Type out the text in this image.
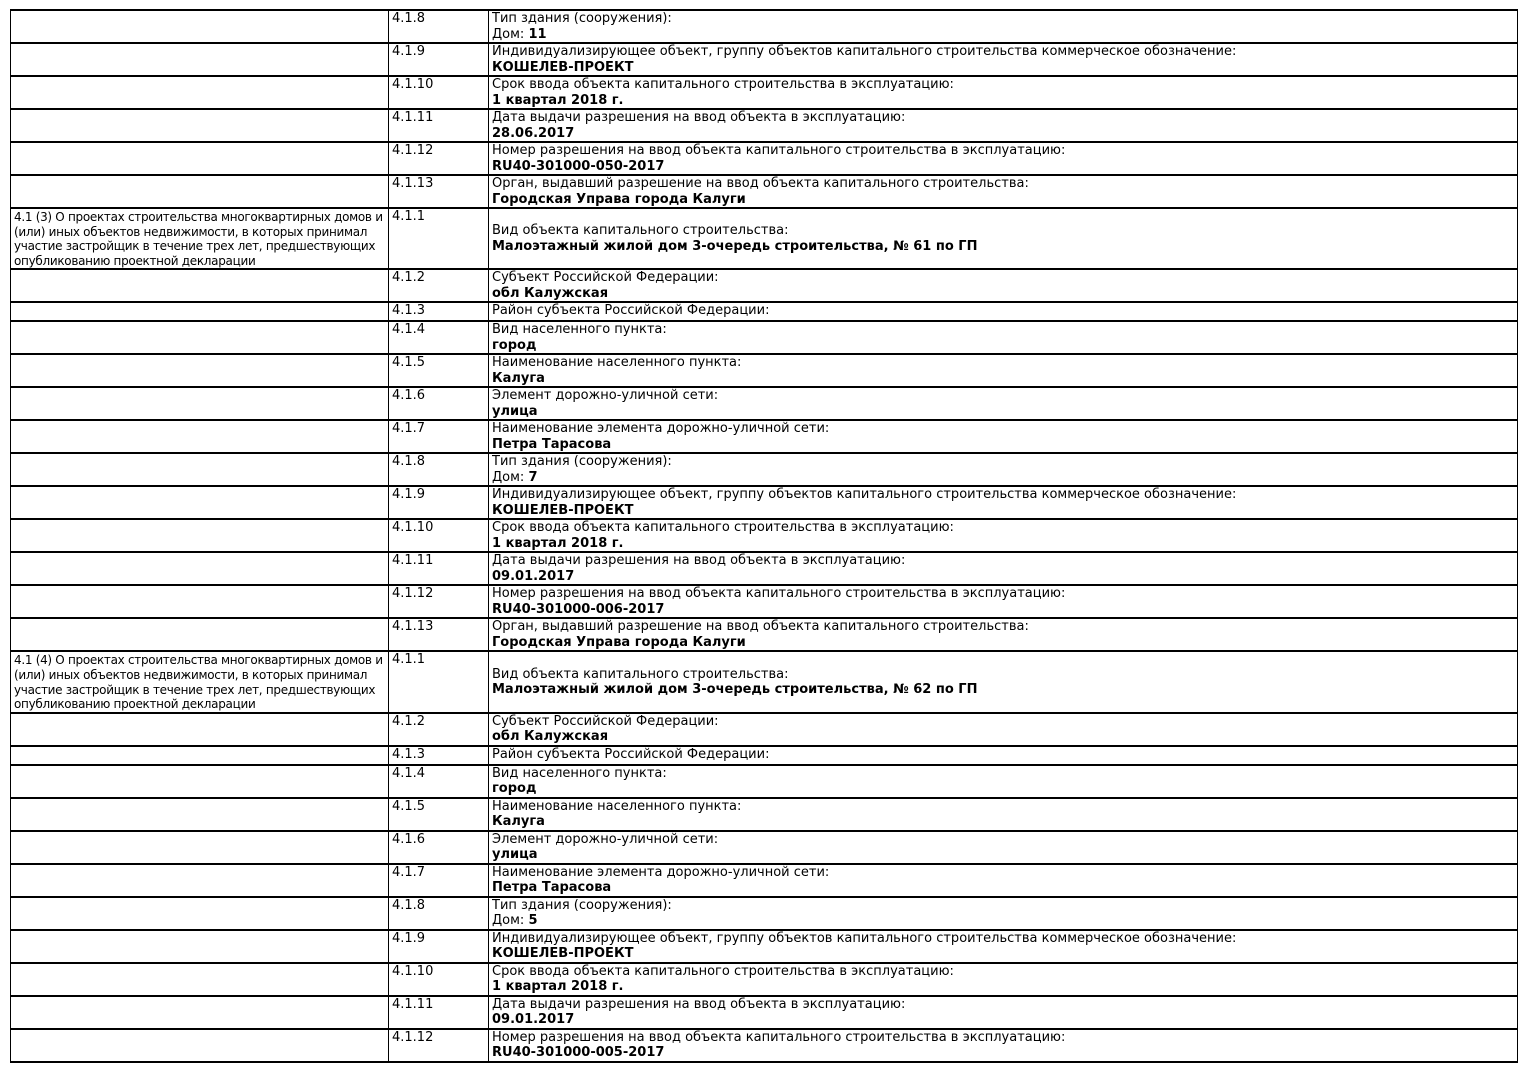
	4.1.8	Тип здания (сооружения):
Дом: 11

	4.1.9	Индивидуализирующее объект, группу объектов капитального строительства коммерческое обозначение:
КОШЕЛЕВ-ПРОЕКТ

	4.1.10	Срок ввода объекта капитального строительства в эксплуатацию:
1 квартал 2018 г.

	4.1.11	Дата выдачи разрешения на ввод объекта в эксплуатацию:
28.06.2017

	4.1.12	Номер разрешения на ввод объекта капитального строительства в эксплуатацию:
RU40-301000-050-2017

	4.1.13	Орган, выдавший разрешение на ввод объекта капитального строительства:
Городская Управа города Калуги

4.1 (3) О проектах строительства многоквартирных домов и (или) иных объектов недвижимости, в которых принимал участие застройщик в течение трех лет, предшествующих опубликованию проектной декларации	4.1.1	Вид объекта капитального строительства:
Малоэтажный жилой дом 3-очередь строительства, № 61 по ГП

	4.1.2	Субъект Российской Федерации:
обл Калужская

	4.1.3	Район субъекта Российской Федерации:

	4.1.4	Вид населенного пункта:
город

	4.1.5	Наименование населенного пункта:
Калуга

	4.1.6	Элемент дорожно-уличной сети:
улица

	4.1.7	Наименование элемента дорожно-уличной сети:
Петра Тарасова

	4.1.8	Тип здания (сооружения):
Дом: 7

	4.1.9	Индивидуализирующее объект, группу объектов капитального строительства коммерческое обозначение:
КОШЕЛЕВ-ПРОЕКТ

	4.1.10	Срок ввода объекта капитального строительства в эксплуатацию:
1 квартал 2018 г.

	4.1.11	Дата выдачи разрешения на ввод объекта в эксплуатацию:
09.01.2017

	4.1.12	Номер разрешения на ввод объекта капитального строительства в эксплуатацию:
RU40-301000-006-2017

	4.1.13	Орган, выдавший разрешение на ввод объекта капитального строительства:
Городская Управа города Калуги

4.1 (4) О проектах строительства многоквартирных домов и (или) иных объектов недвижимости, в которых принимал участие застройщик в течение трех лет, предшествующих опубликованию проектной декларации	4.1.1	Вид объекта капитального строительства:
Малоэтажный жилой дом 3-очередь строительства, № 62 по ГП

	4.1.2	Субъект Российской Федерации:
обл Калужская

	4.1.3	Район субъекта Российской Федерации:

	4.1.4	Вид населенного пункта:
город

	4.1.5	Наименование населенного пункта:
Калуга

	4.1.6	Элемент дорожно-уличной сети:
улица

	4.1.7	Наименование элемента дорожно-уличной сети:
Петра Тарасова

	4.1.8	Тип здания (сооружения):
Дом: 5

	4.1.9	Индивидуализирующее объект, группу объектов капитального строительства коммерческое обозначение:
КОШЕЛЕВ-ПРОЕКТ

	4.1.10	Срок ввода объекта капитального строительства в эксплуатацию:
1 квартал 2018 г.

	4.1.11	Дата выдачи разрешения на ввод объекта в эксплуатацию:
09.01.2017

	4.1.12	Номер разрешения на ввод объекта капитального строительства в эксплуатацию:
RU40-301000-005-2017
